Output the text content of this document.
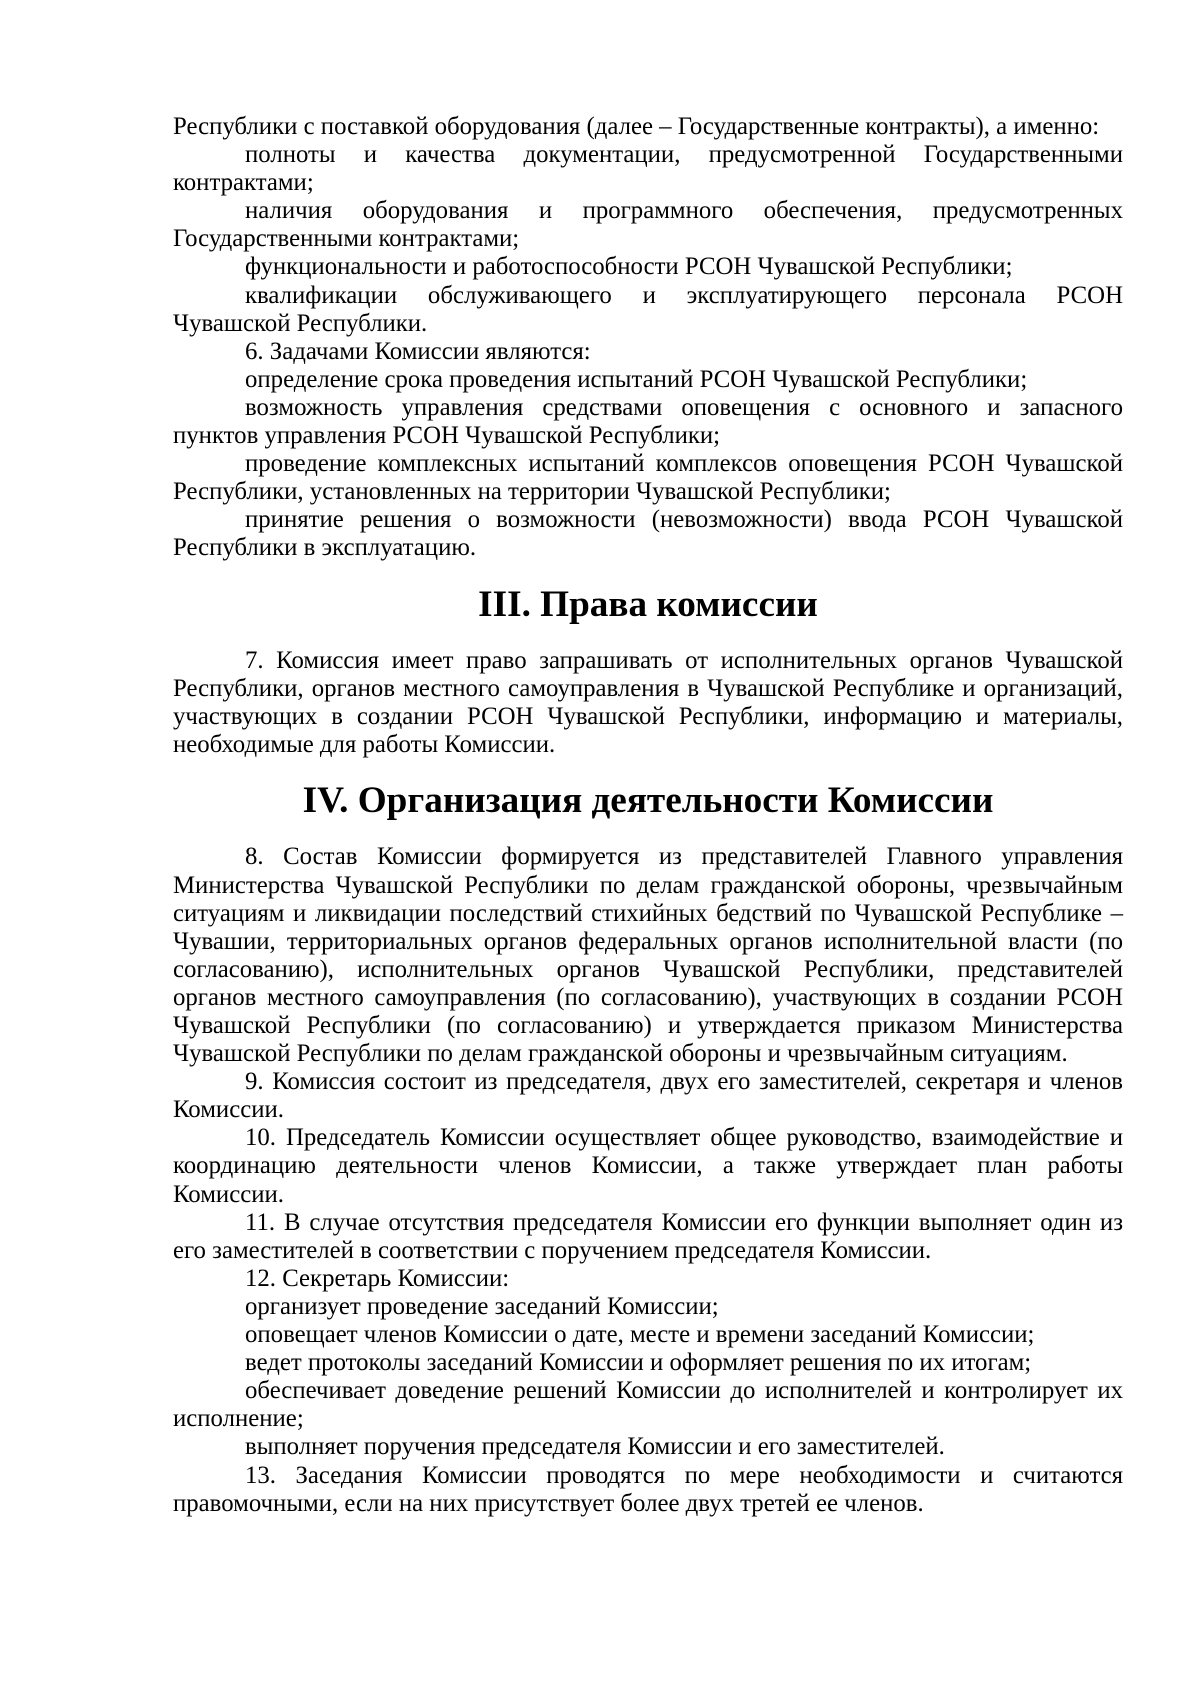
Республики с поставкой оборудования (далее – Государственные контракты), а именно:

полноты и качества документации, предусмотренной Государственными контрактами;

наличия оборудования и программного обеспечения, предусмотренных Государственными контрактами;

функциональности и работоспособности РСОН Чувашской Республики;

квалификации обслуживающего и эксплуатирующего персонала РСОН Чувашской Республики.

6. Задачами Комиссии являются:

определение срока проведения испытаний РСОН Чувашской Республики;

возможность управления средствами оповещения с основного и запасного пунктов управления РСОН Чувашской Республики;

проведение комплексных испытаний комплексов оповещения РСОН Чувашской Республики, установленных на территории Чувашской Республики;

принятие решения о возможности (невозможности) ввода РСОН Чувашской Республики в эксплуатацию.

III. Права комиссии

7. Комиссия имеет право запрашивать от исполнительных органов Чувашской Республики, органов местного самоуправления в Чувашской Республике и организаций, участвующих в создании РСОН Чувашской Республики, информацию и материалы, необходимые для работы Комиссии.

IV. Организация деятельности Комиссии

8. Состав Комиссии формируется из представителей Главного управления Министерства Чувашской Республики по делам гражданской обороны, чрезвычайным ситуациям и ликвидации последствий стихийных бедствий по Чувашской Республике – Чувашии, территориальных органов федеральных органов исполнительной власти (по согласованию), исполнительных органов Чувашской Республики, представителей органов местного самоуправления (по согласованию), участвующих в создании РСОН Чувашской Республики (по согласованию) и утверждается приказом Министерства Чувашской Республики по делам гражданской обороны и чрезвычайным ситуациям.

9. Комиссия состоит из председателя, двух его заместителей, секретаря и членов Комиссии.

10. Председатель Комиссии осуществляет общее руководство, взаимодействие и координацию деятельности членов Комиссии, а также утверждает план работы Комиссии.

11. В случае отсутствия председателя Комиссии его функции выполняет один из его заместителей в соответствии с поручением председателя Комиссии.

12. Секретарь Комиссии:

организует проведение заседаний Комиссии;

оповещает членов Комиссии о дате, месте и времени заседаний Комиссии;

ведет протоколы заседаний Комиссии и оформляет решения по их итогам;

обеспечивает доведение решений Комиссии до исполнителей и контролирует их исполнение;

выполняет поручения председателя Комиссии и его заместителей.

13. Заседания Комиссии проводятся по мере необходимости и считаются правомочными, если на них присутствует более двух третей ее членов.
